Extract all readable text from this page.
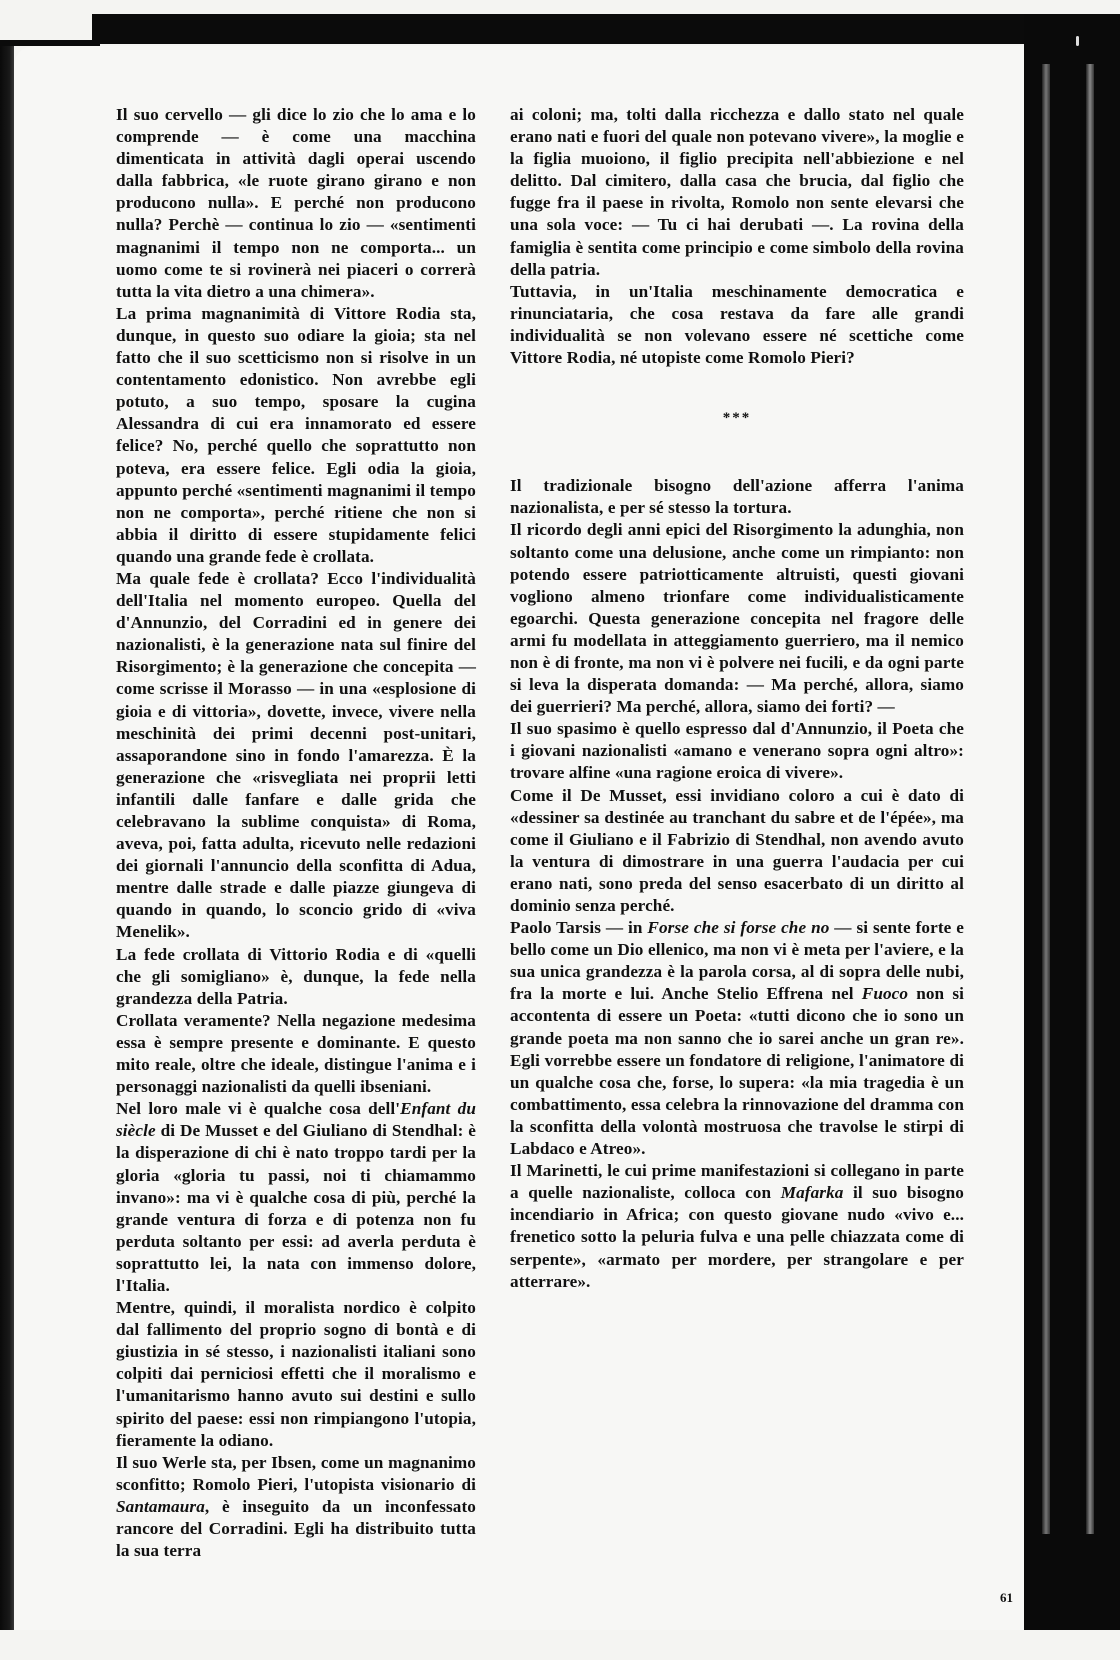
Il suo cervello — gli dice lo zio che lo ama e lo comprende — è come una macchina dimenticata in attività dagli operai uscendo dalla fabbrica, «le ruote girano girano e non producono nulla». E perché non producono nulla? Perchè — continua lo zio — «sentimenti magnanimi il tempo non ne comporta... un uomo come te si rovinerà nei piaceri o correrà tutta la vita dietro a una chimera».

La prima magnanimità di Vittore Rodia sta, dunque, in questo suo odiare la gioia; sta nel fatto che il suo scetticismo non si risolve in un contentamento edonistico. Non avrebbe egli potuto, a suo tempo, sposare la cugina Alessandra di cui era innamorato ed essere felice? No, perché quello che soprattutto non poteva, era essere felice. Egli odia la gioia, appunto perché «sentimenti magnanimi il tempo non ne comporta», perché ritiene che non si abbia il diritto di essere stupidamente felici quando una grande fede è crollata.

Ma quale fede è crollata? Ecco l'individualità dell'Italia nel momento europeo. Quella del d'Annunzio, del Corradini ed in genere dei nazionalisti, è la generazione nata sul finire del Risorgimento; è la generazione che concepita — come scrisse il Morasso — in una «esplosione di gioia e di vittoria», dovette, invece, vivere nella meschinità dei primi decenni post-unitari, assaporandone sino in fondo l'amarezza. È la generazione che «risvegliata nei proprii letti infantili dalle fanfare e dalle grida che celebravano la sublime conquista» di Roma, aveva, poi, fatta adulta, ricevuto nelle redazioni dei giornali l'annuncio della sconfitta di Adua, mentre dalle strade e dalle piazze giungeva di quando in quando, lo sconcio grido di «viva Menelik».

La fede crollata di Vittorio Rodia e di «quelli che gli somigliano» è, dunque, la fede nella grandezza della Patria.

Crollata veramente? Nella negazione medesima essa è sempre presente e dominante. E questo mito reale, oltre che ideale, distingue l'anima e i personaggi nazionalisti da quelli ibseniani.

Nel loro male vi è qualche cosa dell'Enfant du siècle di De Musset e del Giuliano di Stendhal: è la disperazione di chi è nato troppo tardi per la gloria «gloria tu passi, noi ti chiamammo invano»: ma vi è qualche cosa di più, perché la grande ventura di forza e di potenza non fu perduta soltanto per essi: ad averla perduta è soprattutto lei, la nata con immenso dolore, l'Italia.

Mentre, quindi, il moralista nordico è colpito dal fallimento del proprio sogno di bontà e di giustizia in sé stesso, i nazionalisti italiani sono colpiti dai perniciosi effetti che il moralismo e l'umanitarismo hanno avuto sui destini e sullo spirito del paese: essi non rimpiangono l'utopia, fieramente la odiano.

Il suo Werle sta, per Ibsen, come un magnanimo sconfitto; Romolo Pieri, l'utopista visionario di Santamaura, è inseguito da un inconfessato rancore del Corradini. Egli ha distribuito tutta la sua terra

ai coloni; ma, tolti dalla ricchezza e dallo stato nel quale erano nati e fuori del quale non potevano vivere», la moglie e la figlia muoiono, il figlio precipita nell'abbiezione e nel delitto. Dal cimitero, dalla casa che brucia, dal figlio che fugge fra il paese in rivolta, Romolo non sente elevarsi che una sola voce: — Tu ci hai derubati —. La rovina della famiglia è sentita come principio e come simbolo della rovina della patria.

Tuttavia, in un'Italia meschinamente democratica e rinunciataria, che cosa restava da fare alle grandi individualità se non volevano essere né scettiche come Vittore Rodia, né utopiste come Romolo Pieri?

***

Il tradizionale bisogno dell'azione afferra l'anima nazionalista, e per sé stesso la tortura.

Il ricordo degli anni epici del Risorgimento la adunghia, non soltanto come una delusione, anche come un rimpianto: non potendo essere patriotticamente altruisti, questi giovani vogliono almeno trionfare come individualisticamente egoarchi. Questa generazione concepita nel fragore delle armi fu modellata in atteggiamento guerriero, ma il nemico non è di fronte, ma non vi è polvere nei fucili, e da ogni parte si leva la disperata domanda: — Ma perché, allora, siamo dei guerrieri? Ma perché, allora, siamo dei forti? —

Il suo spasimo è quello espresso dal d'Annunzio, il Poeta che i giovani nazionalisti «amano e venerano sopra ogni altro»: trovare alfine «una ragione eroica di vivere».

Come il De Musset, essi invidiano coloro a cui è dato di «dessiner sa destinée au tranchant du sabre et de l'épée», ma come il Giuliano e il Fabrizio di Stendhal, non avendo avuto la ventura di dimostrare in una guerra l'audacia per cui erano nati, sono preda del senso esacerbato di un diritto al dominio senza perché.

Paolo Tarsis — in Forse che si forse che no — si sente forte e bello come un Dio ellenico, ma non vi è meta per l'aviere, e la sua unica grandezza è la parola corsa, al di sopra delle nubi, fra la morte e lui. Anche Stelio Effrena nel Fuoco non si accontenta di essere un Poeta: «tutti dicono che io sono un grande poeta ma non sanno che io sarei anche un gran re». Egli vorrebbe essere un fondatore di religione, l'animatore di un qualche cosa che, forse, lo supera: «la mia tragedia è un combattimento, essa celebra la rinnovazione del dramma con la sconfitta della volontà mostruosa che travolse le stirpi di Labdaco e Atreo».

Il Marinetti, le cui prime manifestazioni si collegano in parte a quelle nazionaliste, colloca con Mafarka il suo bisogno incendiario in Africa; con questo giovane nudo «vivo e... frenetico sotto la peluria fulva e una pelle chiazzata come di serpente», «armato per mordere, per strangolare e per atterrare».

61
